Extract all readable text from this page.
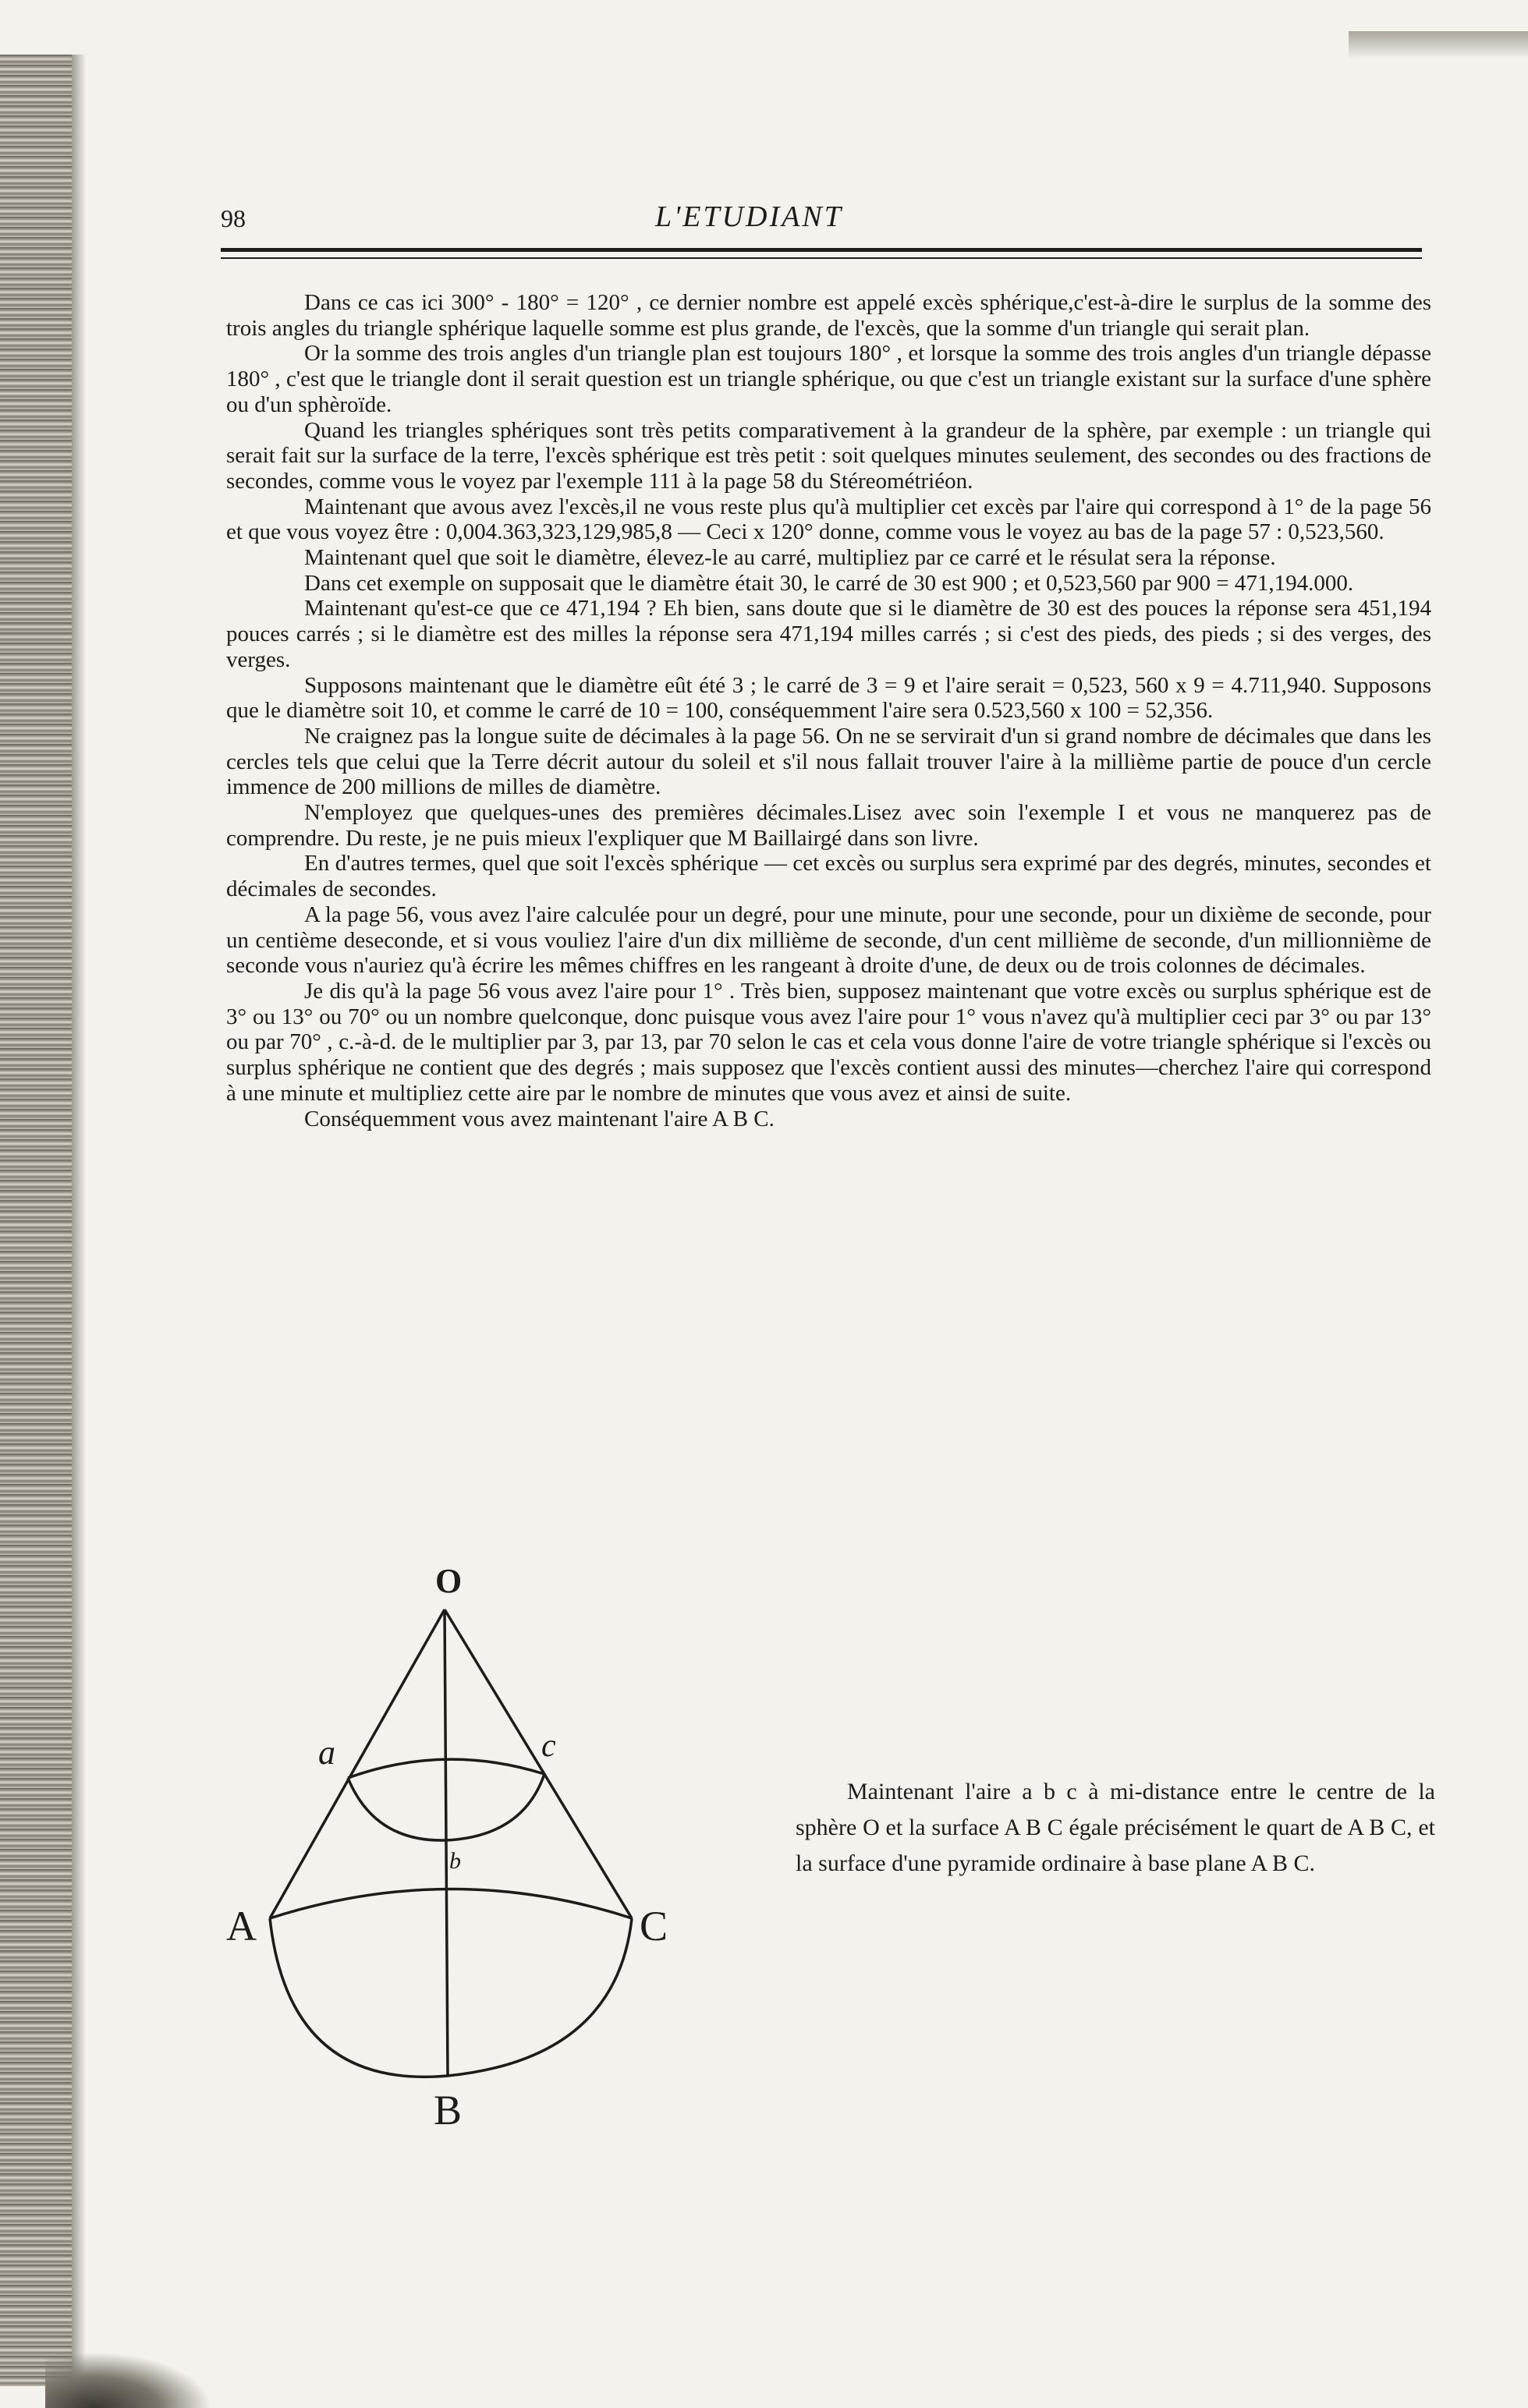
98	L'ETUDIANT

Dans ce cas ici 300° - 180° = 120° , ce dernier nombre est appelé excès sphérique,c'est-à-dire le surplus de la somme des trois angles du triangle sphérique laquelle somme est plus grande, de l'excès, que la somme d'un triangle qui serait plan.

Or la somme des trois angles d'un triangle plan est toujours 180° , et lorsque la somme des trois angles d'un triangle dépasse 180° , c'est que le triangle dont il serait question est un triangle sphérique, ou que c'est un triangle existant sur la surface d'une sphère ou d'un sphèroïde.

Quand les triangles sphériques sont très petits comparativement à la grandeur de la sphère, par exemple : un triangle qui serait fait sur la surface de la terre, l'excès sphérique est très petit : soit quelques minutes seulement, des secondes ou des fractions de secondes, comme vous le voyez par l'exemple 111 à la page 58 du Stéreométriéon.

Maintenant que avous avez l'excès,il ne vous reste plus qu'à multiplier cet excès par l'aire qui correspond à 1° de la page 56 et que vous voyez être : 0,004.363,323,129,985,8 — Ceci x 120° donne, comme vous le voyez au bas de la page 57 : 0,523,560.

Maintenant quel que soit le diamètre, élevez-le au carré, multipliez par ce carré et le résulat sera la réponse.

Dans cet exemple on supposait que le diamètre était 30, le carré de 30 est 900 ; et 0,523,560 par 900 = 471,194.000.

Maintenant qu'est-ce que ce 471,194 ? Eh bien, sans doute que si le diamètre de 30 est des pouces la réponse sera 451,194 pouces carrés ; si le diamètre est des milles la réponse sera 471,194 milles carrés ; si c'est des pieds, des pieds ; si des verges, des verges.

Supposons maintenant que le diamètre eût été 3 ; le carré de 3 = 9 et l'aire serait = 0,523, 560 x 9 = 4.711,940. Supposons que le diamètre soit 10, et comme le carré de 10 = 100, conséquemment l'aire sera 0.523,560 x 100 = 52,356.

Ne craignez pas la longue suite de décimales à la page 56. On ne se servirait d'un si grand nombre de décimales que dans les cercles tels que celui que la Terre décrit autour du soleil et s'il nous fallait trouver l'aire à la millième partie de pouce d'un cercle immence de 200 millions de milles de diamètre.

N'employez que quelques-unes des premières décimales.Lisez avec soin l'exemple I et vous ne manquerez pas de comprendre. Du reste, je ne puis mieux l'expliquer que M Baillairgé dans son livre.

En d'autres termes, quel que soit l'excès sphérique — cet excès ou surplus sera exprimé par des degrés, minutes, secondes et décimales de secondes.

A la page 56, vous avez l'aire calculée pour un degré, pour une minute, pour une seconde, pour un dixième de seconde, pour un centième deseconde, et si vous vouliez l'aire d'un dix millième de seconde, d'un cent millième de seconde, d'un millionnième de seconde vous n'auriez qu'à écrire les mêmes chiffres en les rangeant à droite d'une, de deux ou de trois colonnes de décimales.

Je dis qu'à la page 56 vous avez l'aire pour 1° . Très bien, supposez maintenant que votre excès ou surplus sphérique est de 3° ou 13° ou 70° ou un nombre quelconque, donc puisque vous avez l'aire pour 1° vous n'avez qu'à multiplier ceci par 3° ou par 13° ou par 70° , c.-à-d. de le multiplier par 3, par 13, par 70 selon le cas et cela vous donne l'aire de votre triangle sphérique si l'excès ou surplus sphérique ne contient que des degrés ; mais supposez que l'excès contient aussi des minutes—cherchez l'aire qui correspond à une minute et multipliez cette aire par le nombre de minutes que vous avez et ainsi de suite.

Conséquemment vous avez maintenant l'aire A B C.

O
a	c
b
A	C
B

Maintenant l'aire a b c à mi-distance entre le centre de la sphère O et la surface A B C égale précisément le quart de A B C, et la surface d'une pyramide ordinaire à base plane A B C.
